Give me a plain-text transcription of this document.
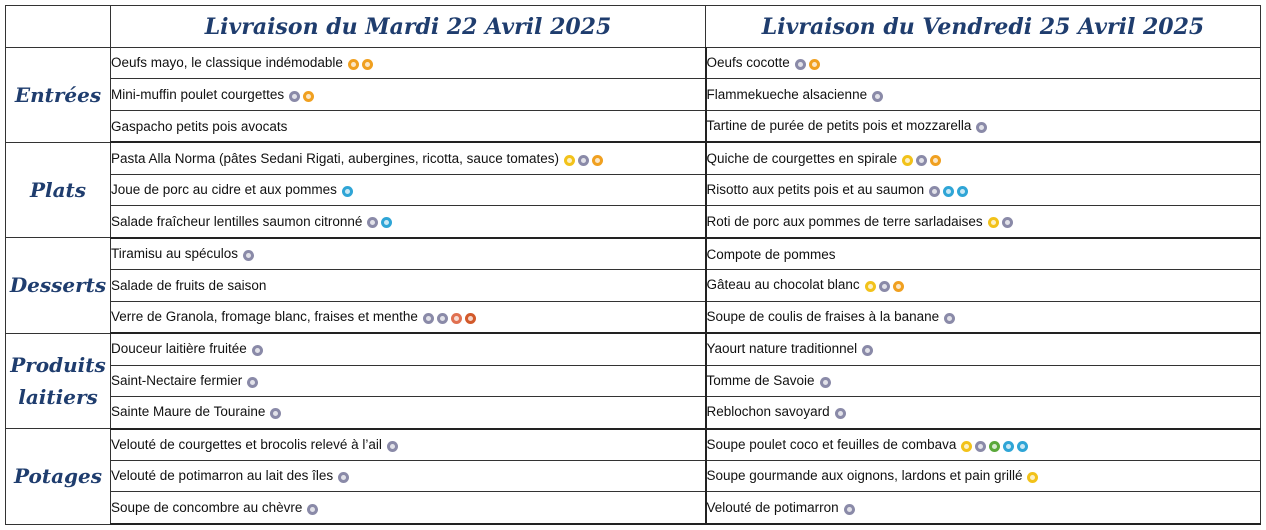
	Livraison du Mardi 22 Avril 2025	Livraison du Vendredi 25 Avril 2025
Entrées	Oeufs mayo, le classique indémodable	Oeufs cocotte
	Mini-muffin poulet courgettes	Flammekueche alsacienne
	Gaspacho petits pois avocats	Tartine de purée de petits pois et mozzarella
Plats	Pasta Alla Norma (pâtes Sedani Rigati, aubergines, ricotta, sauce tomates)	Quiche de courgettes en spirale
	Joue de porc au cidre et aux pommes	Risotto aux petits pois et au saumon
	Salade fraîcheur lentilles saumon citronné	Roti de porc aux pommes de terre sarladaises
Desserts	Tiramisu au spéculos	Compote de pommes
	Salade de fruits de saison	Gâteau au chocolat blanc
	Verre de Granola, fromage blanc, fraises et menthe	Soupe de coulis de fraises à la banane
Produits laitiers	Douceur laitière fruitée	Yaourt nature traditionnel
	Saint-Nectaire fermier	Tomme de Savoie
	Sainte Maure de Touraine	Reblochon savoyard
Potages	Velouté de courgettes et brocolis relevé à l’ail	Soupe poulet coco et feuilles de combava
	Velouté de potimarron au lait des îles	Soupe gourmande aux oignons, lardons et pain grillé
	Soupe de concombre au chèvre	Velouté de potimarron
